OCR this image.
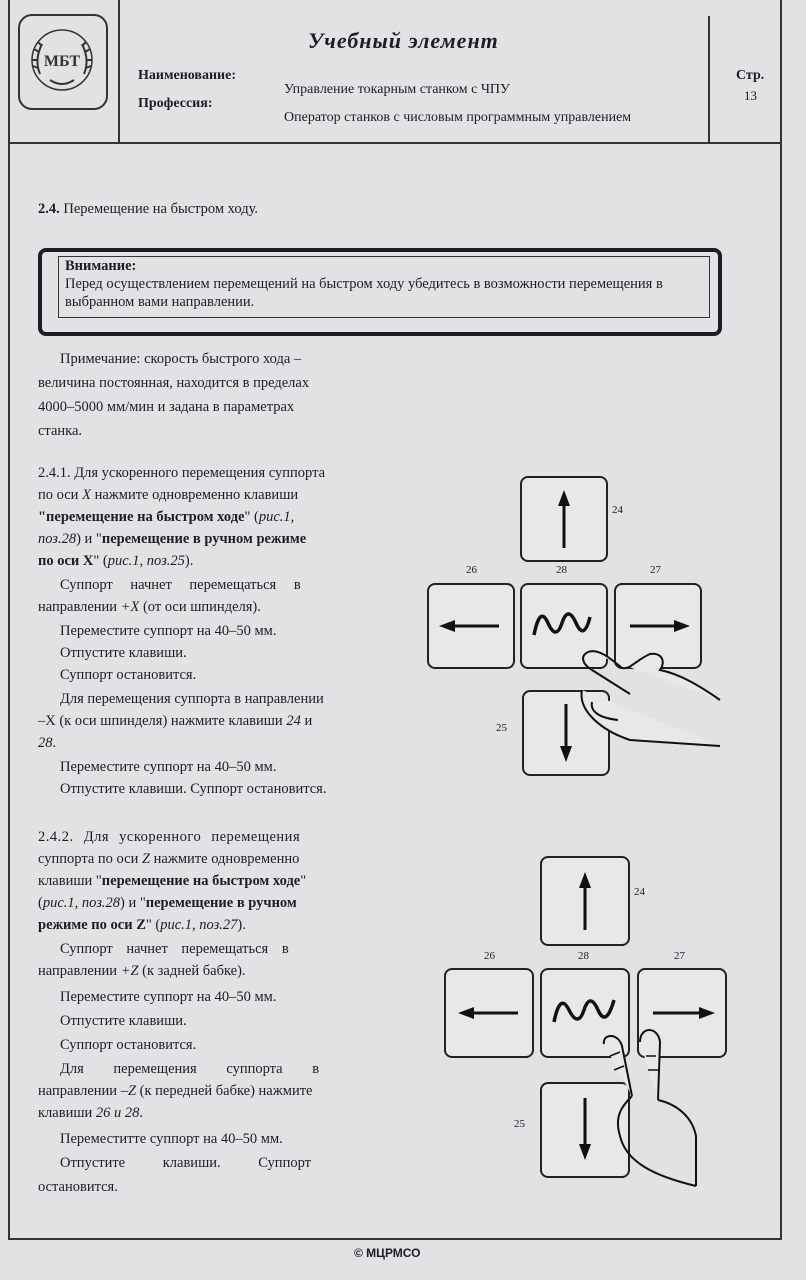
МБТ
Учебный элемент
Наименование:
Управление токарным станком с ЧПУ
Профессия:
Оператор станков с числовым программным управлением
Стр.
13
2.4. Перемещение на быстром ходу.
Внимание:
Перед осуществлением перемещений на быстром ходу убедитесь в возможности перемещения в выбранном вами направлении.
Примечание: скорость быстрого хода –
величина постоянная, находится в пределах
4000–5000 мм/мин и задана в параметрах
станка.
2.4.1. Для ускоренного перемещения суппорта
по оси X нажмите одновременно клавиши
"перемещение на быстром ходе" (рис.1,
поз.28) и "перемещение в ручном режиме
по оси X" (рис.1, поз.25).
Суппорт начнет перемещаться в
направлении +X (от оси шпинделя).
Переместите суппорт на 40–50 мм.
Отпустите клавиши.
Суппорт остановится.
Для перемещения суппорта в направлении
–X (к оси шпинделя) нажмите клавиши 24 и
28.
Переместите суппорт на 40–50 мм.
Отпустите клавиши. Суппорт остановится.
2.4.2. Для ускоренного перемещения
суппорта по оси Z нажмите одновременно
клавиши "перемещение на быстром ходе"
(рис.1, поз.28) и "перемещение в ручном
режиме по оси Z" (рис.1, поз.27).
Суппорт начнет перемещаться в
направлении +Z (к задней бабке).
Переместите суппорт на 40–50 мм.
Отпустите клавиши.
Суппорт остановится.
Для перемещения суппорта в
направлении –Z (к передней бабке) нажмите
клавиши 26 и 28.
Переместитте суппорт на 40–50 мм.
Отпустите клавиши. Суппорт
остановится.
24
26	28	27
25
24
26	28	27
25
© МЦРМСО
